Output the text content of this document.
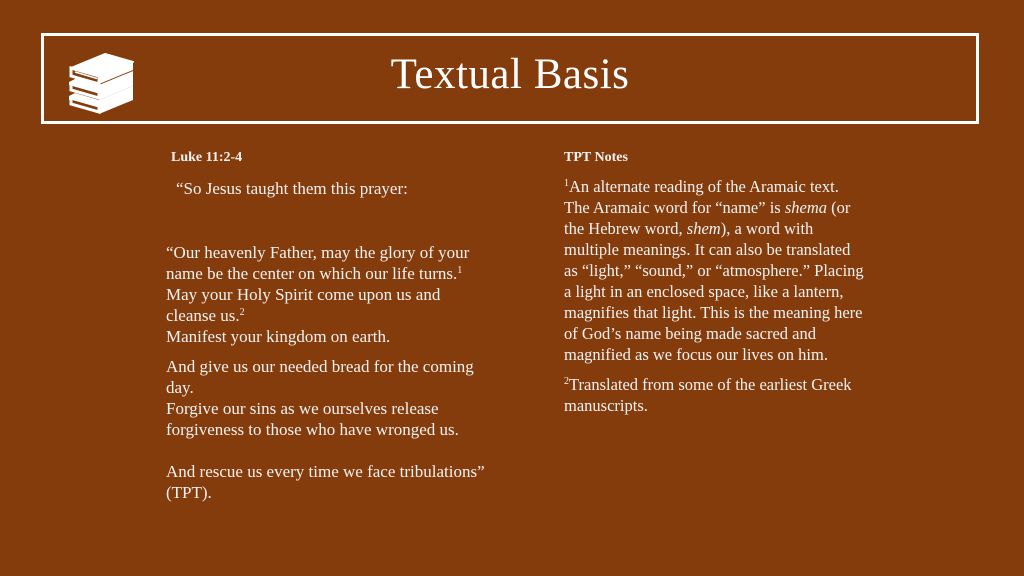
Textual Basis
Luke 11:2-4
“So Jesus taught them this prayer:

“Our heavenly Father, may the glory of your name be the center on which our life turns.$^1$ May your Holy Spirit come upon us and cleanse us.$^2$
Manifest your kingdom on earth.

And give us our needed bread for the coming day.
Forgive our sins as we ourselves release forgiveness to those who have wronged us.

And rescue us every time we face tribulations” (TPT).

TPT Notes

$^1$An alternate reading of the Aramaic text. The Aramaic word for “name” is shema (or the Hebrew word, shem), a word with multiple meanings. It can also be translated as “light,” “sound,” or “atmosphere.” Placing a light in an enclosed space, like a lantern, magnifies that light. This is the meaning here of God’s name being made sacred and magnified as we focus our lives on him.

$^2$Translated from some of the earliest Greek manuscripts.
